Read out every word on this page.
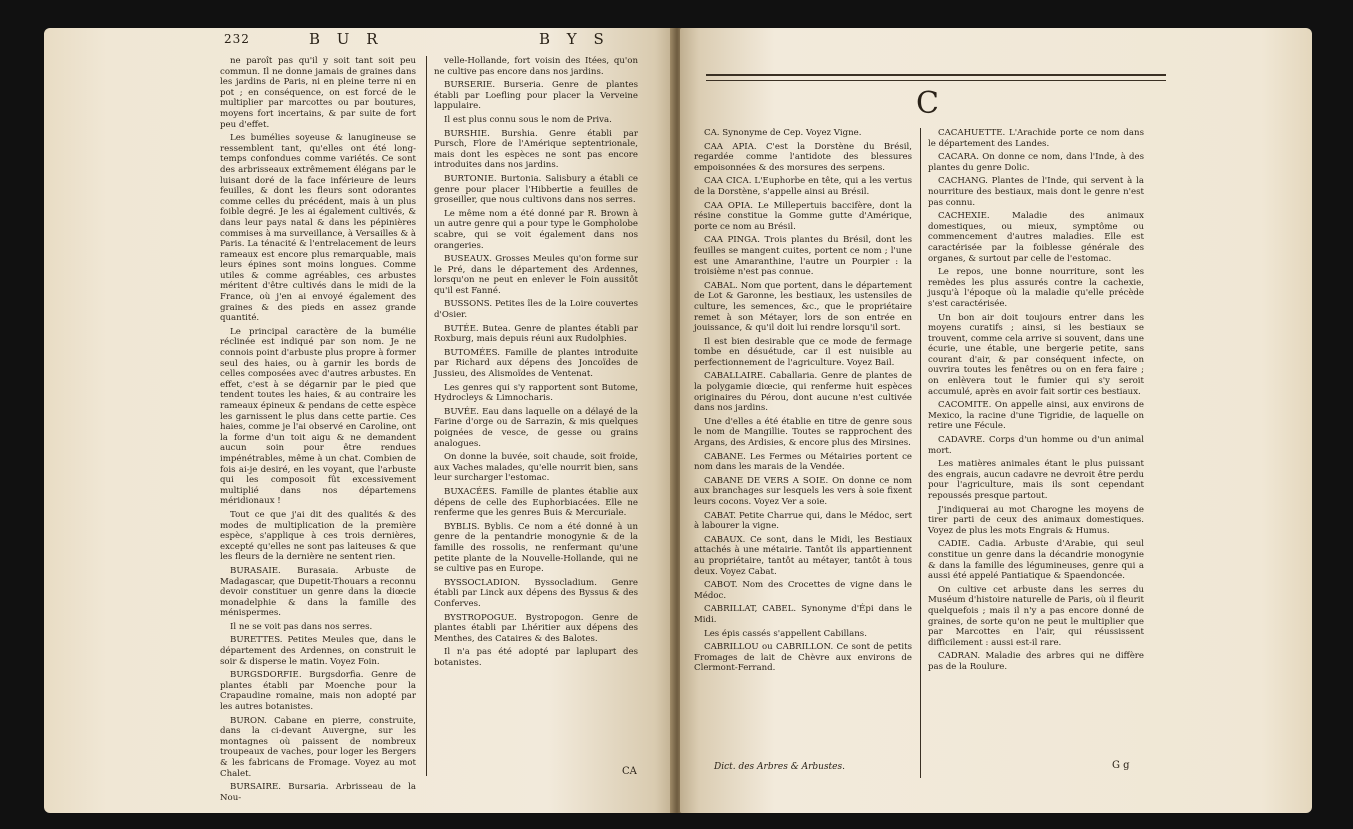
232	B U R	B Y S

ne paroît pas qu'il y soit tant soit peu commun. Il ne donne jamais de graines dans les jardins de Paris, ni en pleine terre ni en pot ; en conséquence, on est forcé de le multiplier par marcottes ou par boutures, moyens fort incertains, & par suite de fort peu d'effet.

Les bumélies soyeuse & lanugineuse se ressemblent tant, qu'elles ont été long-temps confondues comme variétés. Ce sont des arbrisseaux extrêmement élégans par le luisant doré de la face inférieure de leurs feuilles, & dont les fleurs sont odorantes comme celles du précédent, mais à un plus foible degré. Je les ai également cultivés, & dans leur pays natal & dans les pépinières commises à ma surveillance, à Versailles & à Paris. La ténacité & l'entrelacement de leurs rameaux est encore plus remarquable, mais leurs épines sont moins longues. Comme utiles & comme agréables, ces arbustes méritent d'être cultivés dans le midi de la France, où j'en ai envoyé également des graines & des pieds en assez grande quantité.

Le principal caractère de la bumélie réclinée est indiqué par son nom. Je ne connois point d'arbuste plus propre à former seul des haies, ou à garnir les bords de celles composées avec d'autres arbustes. En effet, c'est à se dégarnir par le pied que tendent toutes les haies, & au contraire les rameaux épineux & pendans de cette espèce les garnissent le plus dans cette partie. Ces haies, comme je l'ai observé en Caroline, ont la forme d'un toit aigu & ne demandent aucun soin pour être rendues impénétrables, même à un chat. Combien de fois ai-je desiré, en les voyant, que l'arbuste qui les composoit fût excessivement multiplié dans nos départemens méridionaux !

Tout ce que j'ai dit des qualités & des modes de multiplication de la première espèce, s'applique à ces trois dernières, excepté qu'elles ne sont pas laiteuses & que les fleurs de la dernière ne sentent rien.

BURASAIE. Burasaia. Arbuste de Madagascar, que Dupetit-Thouars a reconnu devoir constituer un genre dans la diœcie monadelphie & dans la famille des ménispermes.

Il ne se voit pas dans nos serres.

BURETTES. Petites Meules que, dans le département des Ardennes, on construit le soir & disperse le matin. Voyez Foin.

BURGSDORFIE. Burgsdorfia. Genre de plantes établi par Moenche pour la Crapaudine romaine, mais non adopté par les autres botanistes.

BURON. Cabane en pierre, construite, dans la ci-devant Auvergne, sur les montagnes où paissent de nombreux troupeaux de vaches, pour loger les Bergers & les fabricans de Fromage. Voyez au mot Chalet.

BURSAIRE. Bursaria. Arbrisseau de la Nou-

velle-Hollande, fort voisin des Itées, qu'on ne cultive pas encore dans nos jardins.

BURSERIE. Burseria. Genre de plantes établi par Loefling pour placer la Verveine lappulaire.

Il est plus connu sous le nom de Priva.

BURSHIE. Burshia. Genre établi par Pursch, Flore de l'Amérique septentrionale, mais dont les espèces ne sont pas encore introduites dans nos jardins.

BURTONIE. Burtonia. Salisbury a établi ce genre pour placer l'Hibbertie a feuilles de groseiller, que nous cultivons dans nos serres.

Le même nom a été donné par R. Brown à un autre genre qui a pour type le Gompholobe scabre, qui se voit également dans nos orangeries.

BUSEAUX. Grosses Meules qu'on forme sur le Pré, dans le département des Ardennes, lorsqu'on ne peut en enlever le Foin aussitôt qu'il est Fanné.

BUSSONS. Petites îles de la Loire couvertes d'Osier.

BUTÉE. Butea. Genre de plantes établi par Roxburg, mais depuis réuni aux Rudolphies.

BUTOMÉES. Famille de plantes introduite par Richard aux dépens des Joncoïdes de Jussieu, des Alismoïdes de Ventenat.

Les genres qui s'y rapportent sont Butome, Hydrocleys & Limnocharis.

BUVÉE. Eau dans laquelle on a délayé de la Farine d'orge ou de Sarrazin, & mis quelques poignées de vesce, de gesse ou grains analogues.

On donne la buvée, soit chaude, soit froide, aux Vaches malades, qu'elle nourrit bien, sans leur surcharger l'estomac.

BUXACÉES. Famille de plantes établie aux dépens de celle des Euphorbiacées. Elle ne renferme que les genres Buis & Mercuriale.

BYBLIS. Byblis. Ce nom a été donné à un genre de la pentandrie monogynie & de la famille des rossolis, ne renfermant qu'une petite plante de la Nouvelle-Hollande, qui ne se cultive pas en Europe.

BYSSOCLADION. Byssocladium. Genre établi par Linck aux dépens des Byssus & des Conferves.

BYSTROPOGUE. Bystropogon. Genre de plantes établi par Lhéritier aux dépens des Menthes, des Cataires & des Balotes.

Il n'a pas été adopté par laplupart des botanistes.

CA
C

CA. Synonyme de Cep. Voyez Vigne.

CAA APIA. C'est la Dorstène du Brésil, regardée comme l'antidote des blessures empoisonnées & des morsures des serpens.

CAA CICA. L'Euphorbe en tête, qui a les vertus de la Dorstène, s'appelle ainsi au Brésil.

CAA OPIA. Le Millepertuis baccifère, dont la résine constitue la Gomme gutte d'Amérique, porte ce nom au Brésil.

CAA PINGA. Trois plantes du Brésil, dont les feuilles se mangent cuites, portent ce nom ; l'une est une Amaranthine, l'autre un Pourpier : la troisième n'est pas connue.

CABAL. Nom que portent, dans le département de Lot & Garonne, les bestiaux, les ustensiles de culture, les semences, &c., que le propriétaire remet à son Métayer, lors de son entrée en jouissance, & qu'il doit lui rendre lorsqu'il sort.

Il est bien desirable que ce mode de fermage tombe en désuétude, car il est nuisible au perfectionnement de l'agriculture. Voyez Bail.

CABALLAIRE. Caballaria. Genre de plantes de la polygamie diœcie, qui renferme huit espèces originaires du Pérou, dont aucune n'est cultivée dans nos jardins.

Une d'elles a été établie en titre de genre sous le nom de Mangillie. Toutes se rapprochent des Argans, des Ardisies, & encore plus des Mirsines.

CABANE. Les Fermes ou Métairies portent ce nom dans les marais de la Vendée.

CABANE DE VERS A SOIE. On donne ce nom aux branchages sur lesquels les vers à soie fixent leurs cocons. Voyez Ver a soie.

CABAT. Petite Charrue qui, dans le Médoc, sert à labourer la vigne.

CABAUX. Ce sont, dans le Midi, les Bestiaux attachés à une métairie. Tantôt ils appartiennent au propriétaire, tantôt au métayer, tantôt à tous deux. Voyez Cabat.

CABOT. Nom des Crocettes de vigne dans le Médoc.

CABRILLAT, CABEL. Synonyme d'Épi dans le Midi.

Les épis cassés s'appellent Cabillans.

CABRILLOU ou CABRILLON. Ce sont de petits Fromages de lait de Chèvre aux environs de Clermont-Ferrand.

CACAHUETTE. L'Arachide porte ce nom dans le département des Landes.

CACARA. On donne ce nom, dans l'Inde, à des plantes du genre Dolic.

CACHANG. Plantes de l'Inde, qui servent à la nourriture des bestiaux, mais dont le genre n'est pas connu.

CACHEXIE. Maladie des animaux domestiques, ou mieux, symptôme ou commencement d'autres maladies. Elle est caractérisée par la foiblesse générale des organes, & surtout par celle de l'estomac.

Le repos, une bonne nourriture, sont les remèdes les plus assurés contre la cachexie, jusqu'à l'époque où la maladie qu'elle précède s'est caractérisée.

Un bon air doit toujours entrer dans les moyens curatifs ; ainsi, si les bestiaux se trouvent, comme cela arrive si souvent, dans une écurie, une étable, une bergerie petite, sans courant d'air, & par conséquent infecte, on ouvrira toutes les fenêtres ou on en fera faire ; on enlèvera tout le fumier qui s'y seroit accumulé, après en avoir fait sortir ces bestiaux.

CACOMITE. On appelle ainsi, aux environs de Mexico, la racine d'une Tigridie, de laquelle on retire une Fécule.

CADAVRE. Corps d'un homme ou d'un animal mort.

Les matières animales étant le plus puissant des engrais, aucun cadavre ne devroit être perdu pour l'agriculture, mais ils sont cependant repoussés presque partout.

J'indiquerai au mot Charogne les moyens de tirer parti de ceux des animaux domestiques. Voyez de plus les mots Engrais & Humus.

CADIE. Cadia. Arbuste d'Arabie, qui seul constitue un genre dans la décandrie monogynie & dans la famille des légumineuses, genre qui a aussi été appelé Pantiatique & Spaendoncée.

On cultive cet arbuste dans les serres du Muséum d'histoire naturelle de Paris, où il fleurit quelquefois ; mais il n'y a pas encore donné de graines, de sorte qu'on ne peut le multiplier que par Marcottes en l'air, qui réussissent difficilement : aussi est-il rare.

CADRAN. Maladie des arbres qui ne diffère pas de la Roulure.

Dict. des Arbres & Arbustes.	G g
